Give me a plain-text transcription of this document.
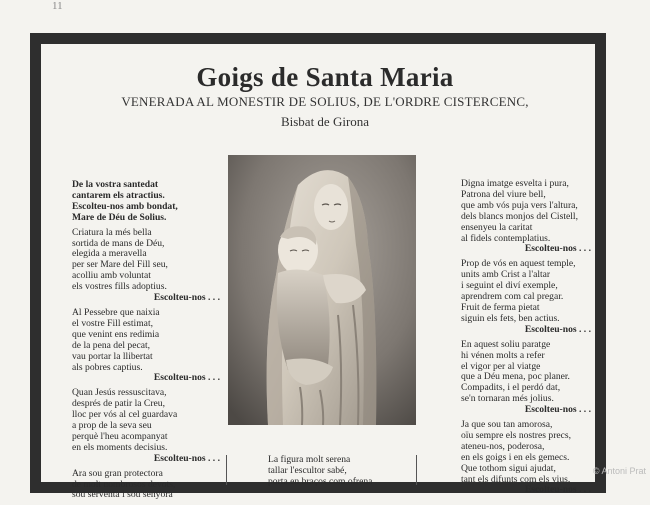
11
Goigs de Santa Maria
VENERADA AL MONESTIR DE SOLIUS, DE L'ORDRE CISTERCENC,
Bisbat de Girona
De la vostra santedat
cantarem els atractius.
Escolteu-nos amb bondat,
Mare de Déu de Solius.
Criatura la més bella
sortida de mans de Déu,
elegida a meravella
per ser Mare del Fill seu,
acolliu amb voluntat
els vostres fills adoptius.
Escolteu-nos . . .
Al Pessebre que naixia
el vostre Fill estimat,
que venint ens redimia
de la pena del pecat,
vau portar la llibertat
als pobres captius.
Escolteu-nos . . .
Quan Jesús ressuscitava,
després de patir la Creu,
lloc per vós al cel guardava
a prop de la seva seu
perquè l'heu acompanyat
en els moments decisius.
Escolteu-nos . . .
Ara sou gran protectora
de molt nombrosos devots,
sou serventa i sou senyora
La figura molt serena
tallar l'escultor sabé,
porta en braços com ofrena
Digna imatge esvelta i pura,
Patrona del viure bell,
que amb vós puja vers l'altura,
dels blancs monjos del Cistell,
ensenyeu la caritat
al fidels contemplatius.
Escolteu-nos . . .
Prop de vós en aquest temple,
units amb Crist a l'altar
i seguint el diví exemple,
aprendrem com cal pregar.
Fruit de ferma pietat
siguin els fets, ben actius.
Escolteu-nos . . .
En aquest soliu paratge
hi vénen molts a refer
el vigor per al viatge
que a Déu mena, poc planer.
Compadits, i el perdó dat,
se'n tornaran més jolius.
Escolteu-nos . . .
Ja que sou tan amorosa,
oïu sempre els nostres precs,
ateneu-nos, poderosa,
en els goigs i en els gemecs.
Que tothom sigui ajudat,
tant els difunts com els vius.
Escolteu-nos . . .
© Antoni Prat
